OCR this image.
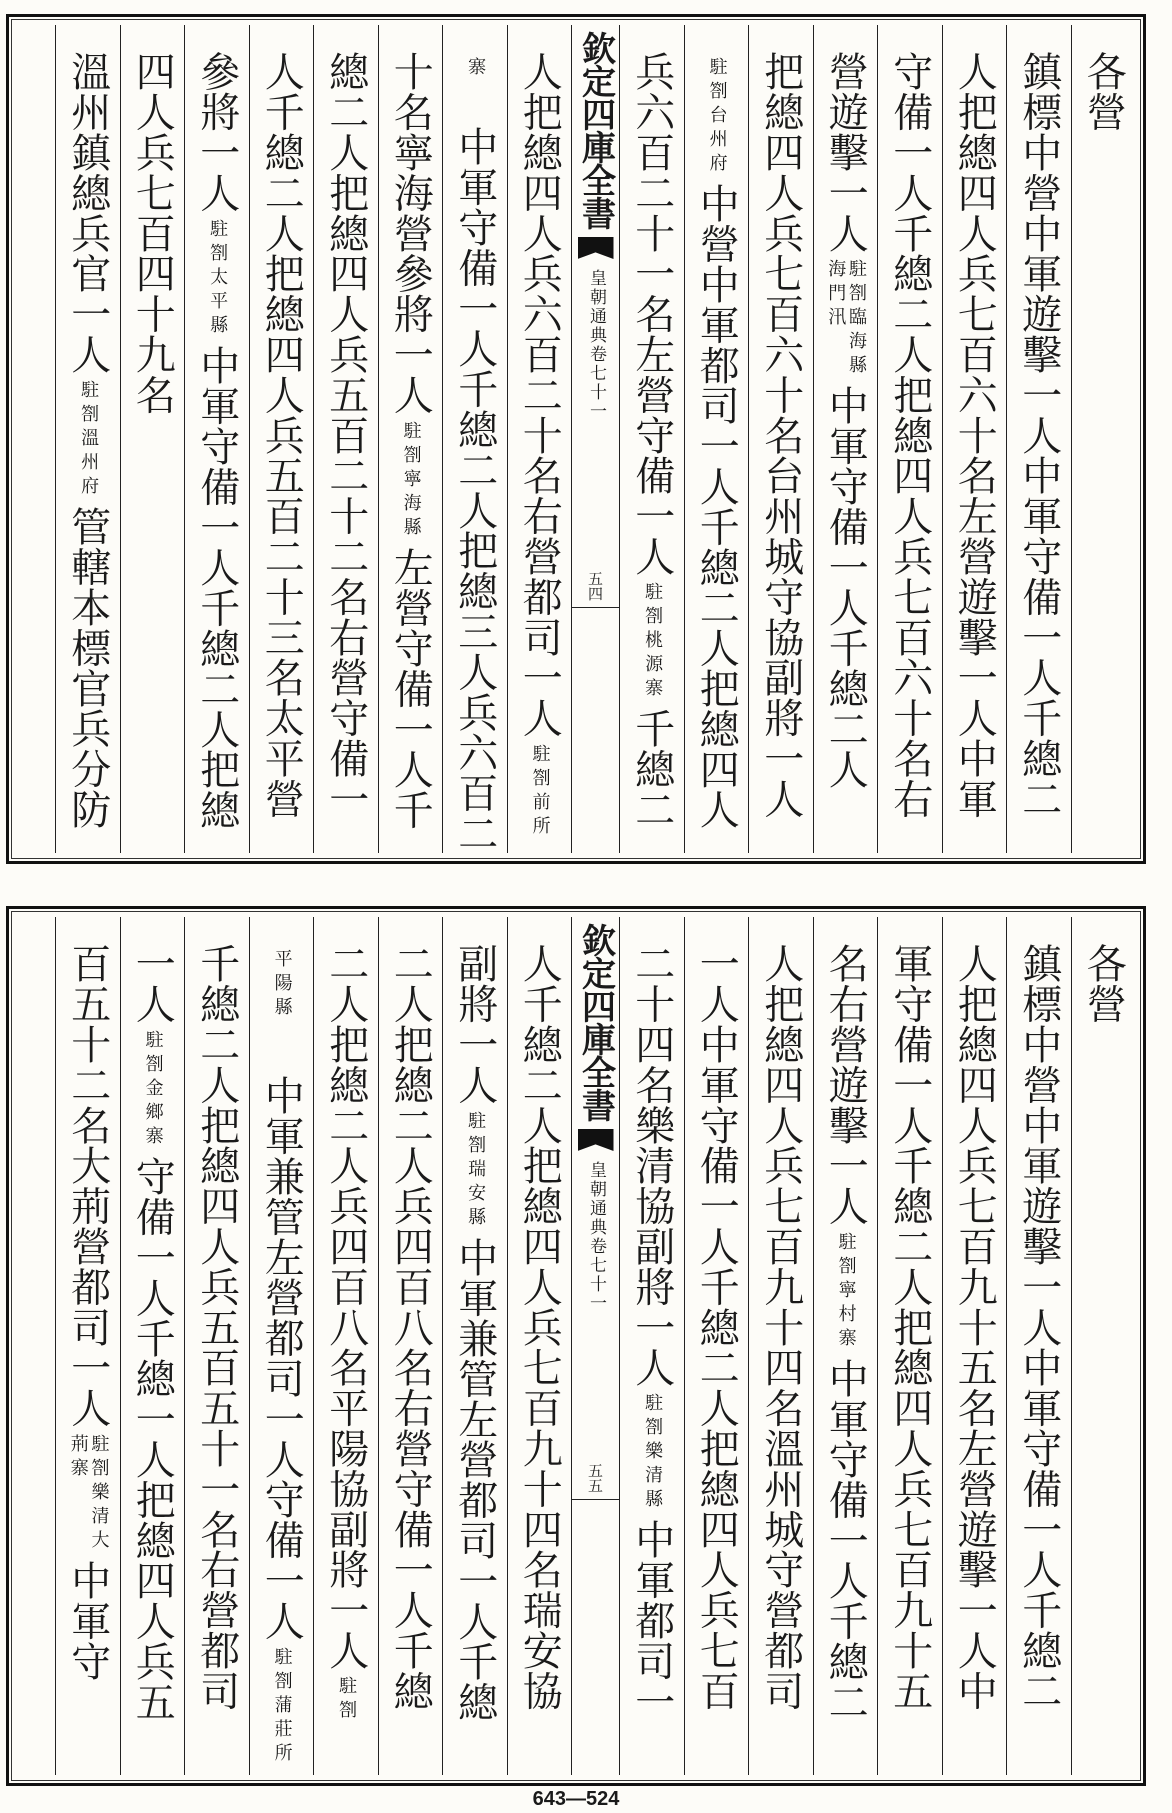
各營
鎮標中營中軍遊擊一人中軍守備一人千總二
人把總四人兵七百六十名左營遊擊一人中軍
守備一人千總二人把總四人兵七百六十名右
營遊擊一人
駐劄臨海縣海門汛
中軍守備一人千總二人
把總四人兵七百六十名台州城守協副將一人
駐劄台州府
中營中軍都司一人千總二人把總四人
兵六百二十一名左營守備一人
駐劄桃源寨
千總二
欽定四庫全書
皇朝通典
卷七十一
五四
人把總四人兵六百二十名右營都司一人
駐劄前所
寨
中軍守備一人千總二人把總三人兵六百二
十名寧海營參將一人
駐劄寧海縣
左營守備一人千
總二人把總四人兵五百二十二名右營守備一
人千總二人把總四人兵五百二十三名太平營
參將一人
駐劄太平縣
中軍守備一人千總二人把總
四人兵七百四十九名
溫州鎮總兵官一人
駐劄溫州府
管轄本標官兵分防
各營
鎮標中營中軍遊擊一人中軍守備一人千總二
人把總四人兵七百九十五名左營遊擊一人中
軍守備一人千總二人把總四人兵七百九十五
名右營遊擊一人
駐劄寧村寨
中軍守備一人千總二
人把總四人兵七百九十四名溫州城守營都司
一人中軍守備一人千總二人把總四人兵七百
二十四名樂清協副將一人
駐劄樂清縣
中軍都司一
欽定四庫全書
皇朝通典
卷七十一
五五
人千總二人把總四人兵七百九十四名瑞安協
副將一人
駐劄瑞安縣
中軍兼管左營都司一人千總
二人把總二人兵四百八名右營守備一人千總
二人把總二人兵四百八名平陽協副將一人
駐劄
平陽縣
中軍兼管左營都司一人守備一人
駐劄蒲莊所
千總二人把總四人兵五百五十一名右營都司
一人
駐劄金鄉寨
守備一人千總一人把總四人兵五
百五十二名大荊營都司一人
駐劄樂清大荊寨
中軍守
643—524
